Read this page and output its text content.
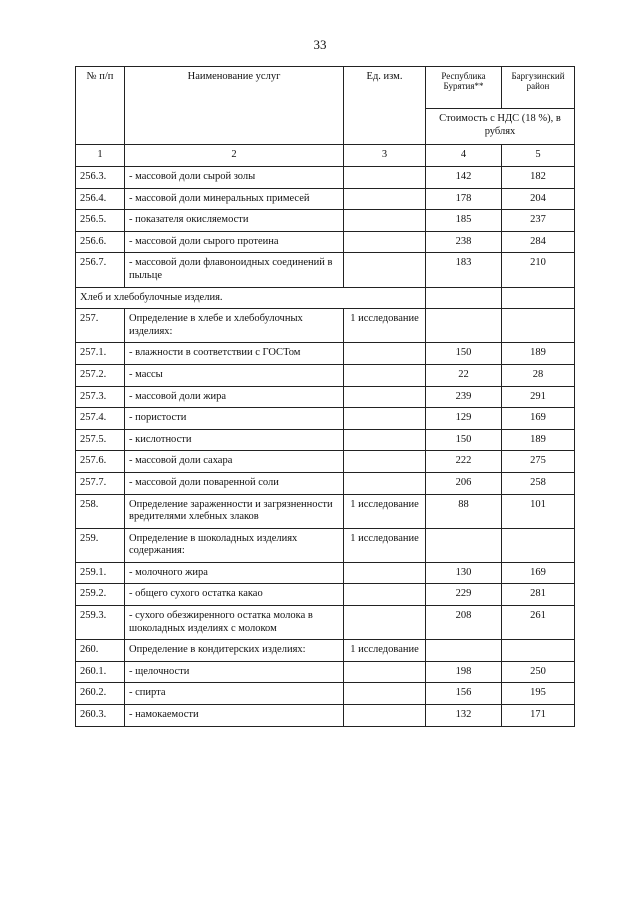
33
№ п/п	Наименование услуг	Ед. изм.	Республика Бурятия**	Баргузинский район
			Стоимость с НДС (18 %), в рублях	
1	2	3	4	5
256.3.	- массовой доли сырой золы		142	182
256.4.	- массовой доли минеральных примесей		178	204
256.5.	- показателя окисляемости		185	237
256.6.	- массовой доли сырого протеина		238	284
256.7.	- массовой доли флавоноидных соединений в пыльце		183	210
Хлеб и хлебобулочные изделия.				
257.	Определение в хлебе и хлебобулочных изделиях:	1 исследование		
257.1.	- влажности в соответствии с ГОСТом		150	189
257.2.	- массы		22	28
257.3.	- массовой доли жира		239	291
257.4.	- пористости		129	169
257.5.	- кислотности		150	189
257.6.	- массовой доли сахара		222	275
257.7.	- массовой доли поваренной соли		206	258
258.	Определение зараженности и загрязненности вредителями хлебных злаков	1 исследование	88	101
259.	Определение в шоколадных изделиях содержания:	1 исследование		
259.1.	- молочного жира		130	169
259.2.	- общего сухого остатка какао		229	281
259.3.	- сухого обезжиренного остатка молока в шоколадных изделиях с молоком		208	261
260.	Определение в кондитерских изделиях:	1 исследование		
260.1.	- щелочности		198	250
260.2.	- спирта		156	195
260.3.	- намокаемости		132	171
